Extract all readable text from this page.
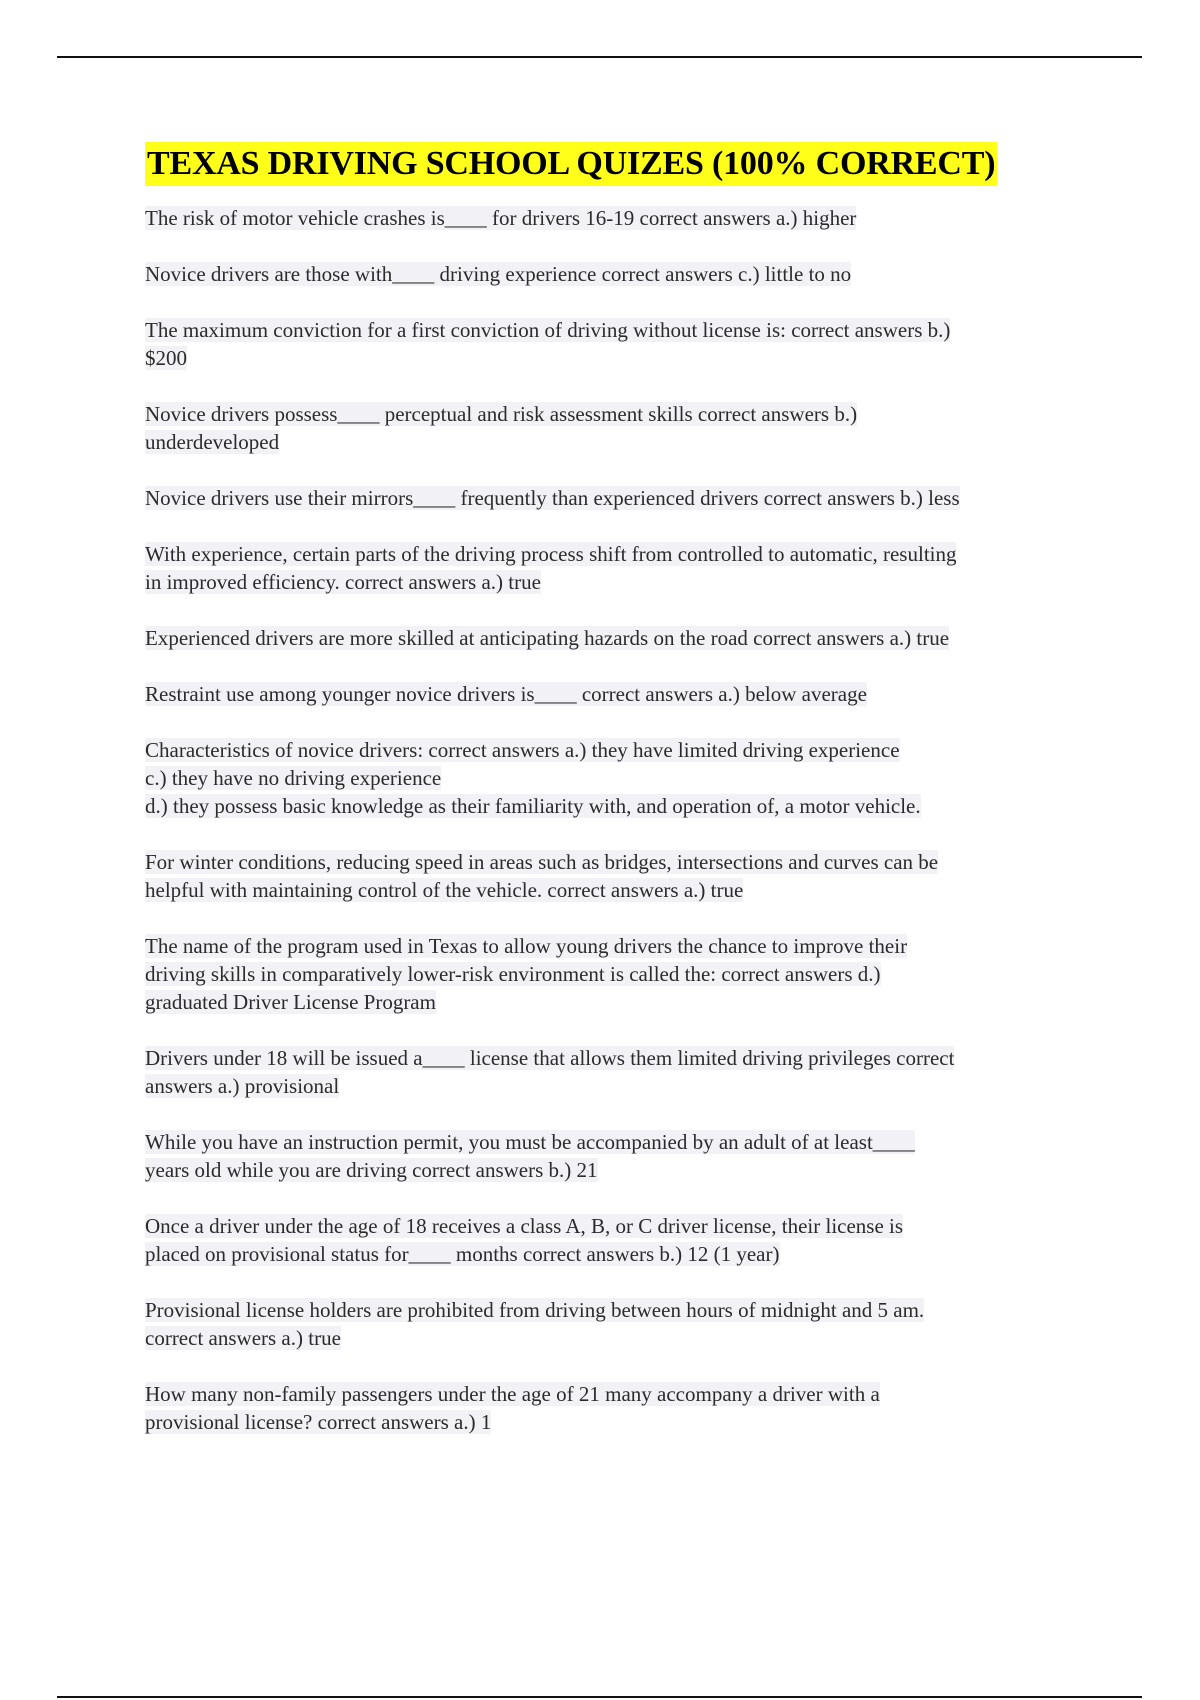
TEXAS DRIVING SCHOOL QUIZES (100% CORRECT)
The risk of motor vehicle crashes is____ for drivers 16-19 correct answers a.) higher
Novice drivers are those with____ driving experience correct answers c.) little to no
The maximum conviction for a first conviction of driving without license is: correct answers b.)
$200
Novice drivers possess____ perceptual and risk assessment skills correct answers b.)
underdeveloped
Novice drivers use their mirrors____ frequently than experienced drivers correct answers b.) less
With experience, certain parts of the driving process shift from controlled to automatic, resulting
in improved efficiency. correct answers a.) true
Experienced drivers are more skilled at anticipating hazards on the road correct answers a.) true
Restraint use among younger novice drivers is____ correct answers a.) below average
Characteristics of novice drivers: correct answers a.) they have limited driving experience
c.) they have no driving experience
d.) they possess basic knowledge as their familiarity with, and operation of, a motor vehicle.
For winter conditions, reducing speed in areas such as bridges, intersections and curves can be
helpful with maintaining control of the vehicle. correct answers a.) true
The name of the program used in Texas to allow young drivers the chance to improve their
driving skills in comparatively lower-risk environment is called the: correct answers d.)
graduated Driver License Program
Drivers under 18 will be issued a____ license that allows them limited driving privileges correct
answers a.) provisional
While you have an instruction permit, you must be accompanied by an adult of at least____
years old while you are driving correct answers b.) 21
Once a driver under the age of 18 receives a class A, B, or C driver license, their license is
placed on provisional status for____ months correct answers b.) 12 (1 year)
Provisional license holders are prohibited from driving between hours of midnight and 5 am.
correct answers a.) true
How many non-family passengers under the age of 21 many accompany a driver with a
provisional license? correct answers a.) 1
